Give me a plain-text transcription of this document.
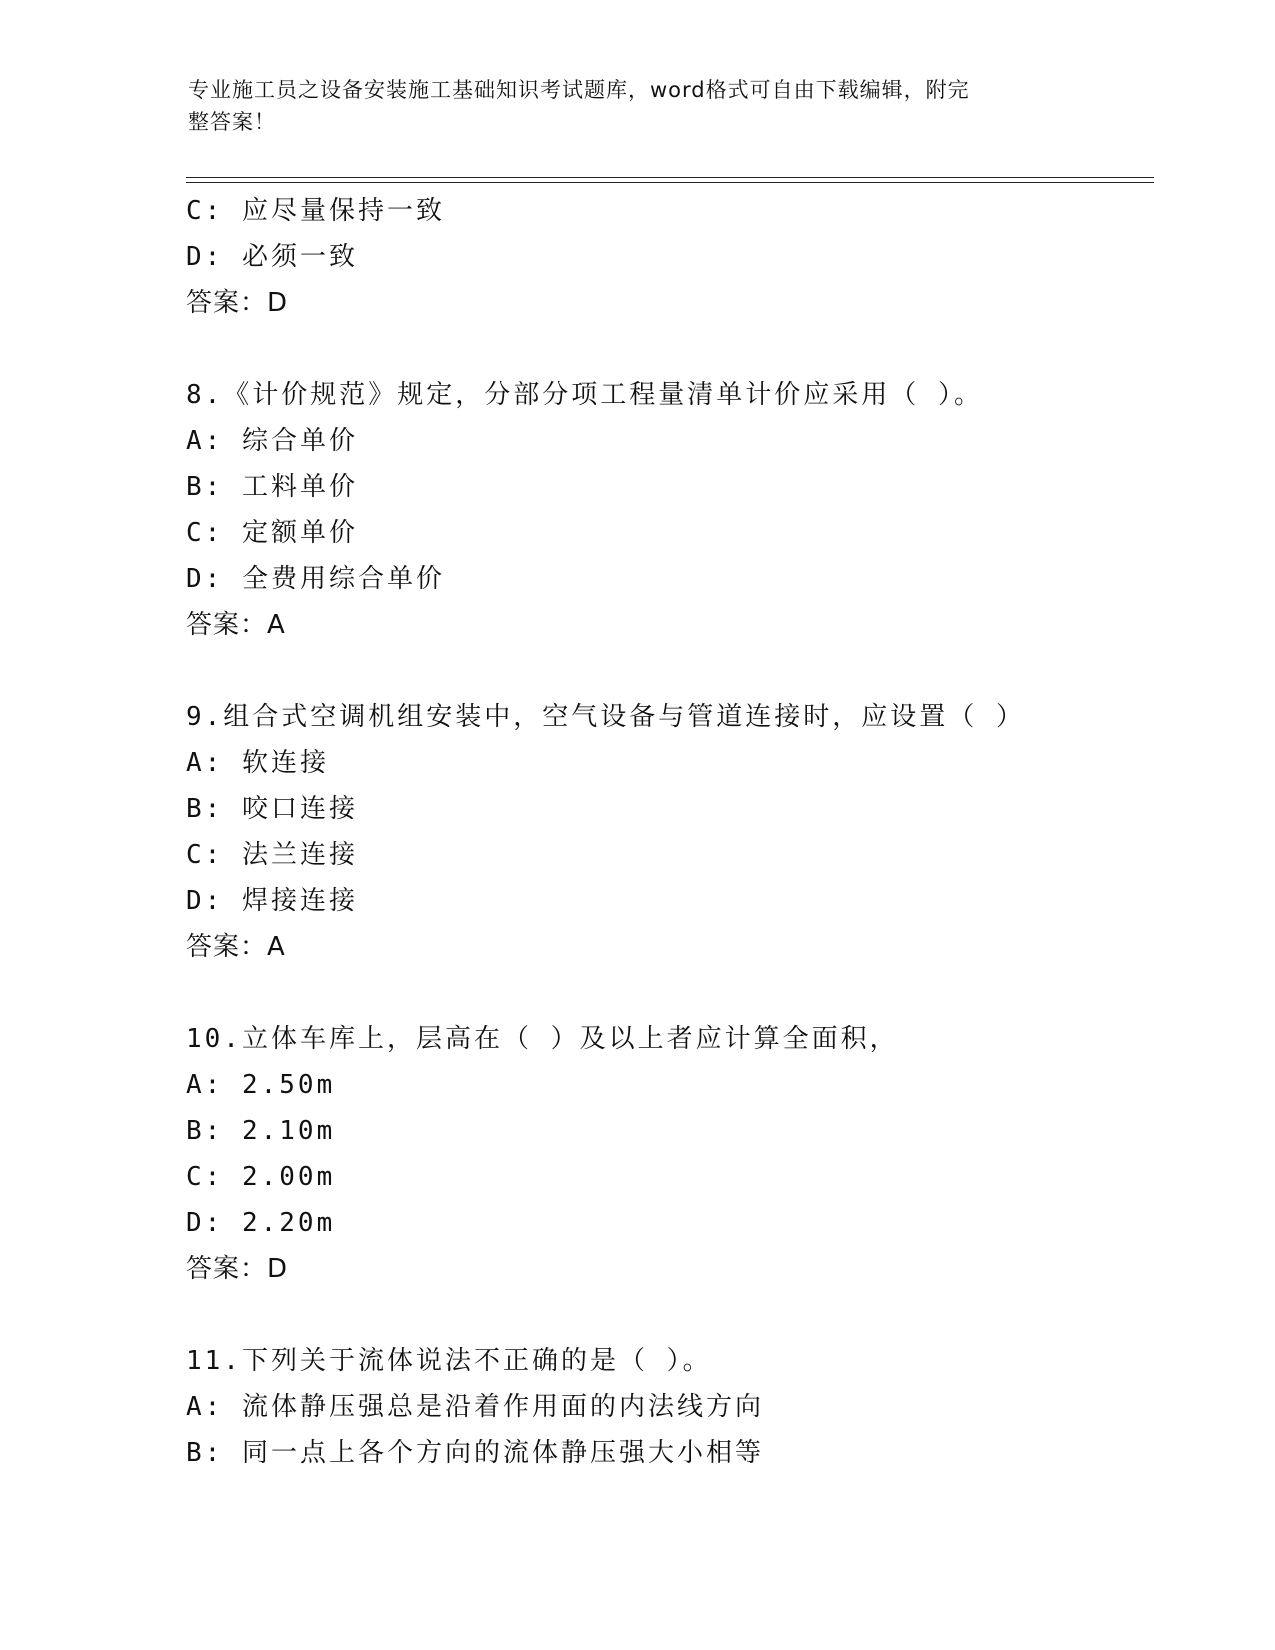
专业施工员之设备安装施工基础知识考试题库，word格式可自由下载编辑，附完
整答案！
C: 应尽量保持一致
D: 必须一致
答案：D
8.《计价规范》规定，分部分项工程量清单计价应采用（ ）。
A: 综合单价
B: 工料单价
C: 定额单价
D: 全费用综合单价
答案：A
9.组合式空调机组安装中，空气设备与管道连接时，应设置（ ）
A: 软连接
B: 咬口连接
C: 法兰连接
D: 焊接连接
答案：A
10.立体车库上，层高在（ ）及以上者应计算全面积，
A: 2.50m
B: 2.10m
C: 2.00m
D: 2.20m
答案：D
11.下列关于流体说法不正确的是（ ）。
A: 流体静压强总是沿着作用面的内法线方向
B: 同一点上各个方向的流体静压强大小相等
